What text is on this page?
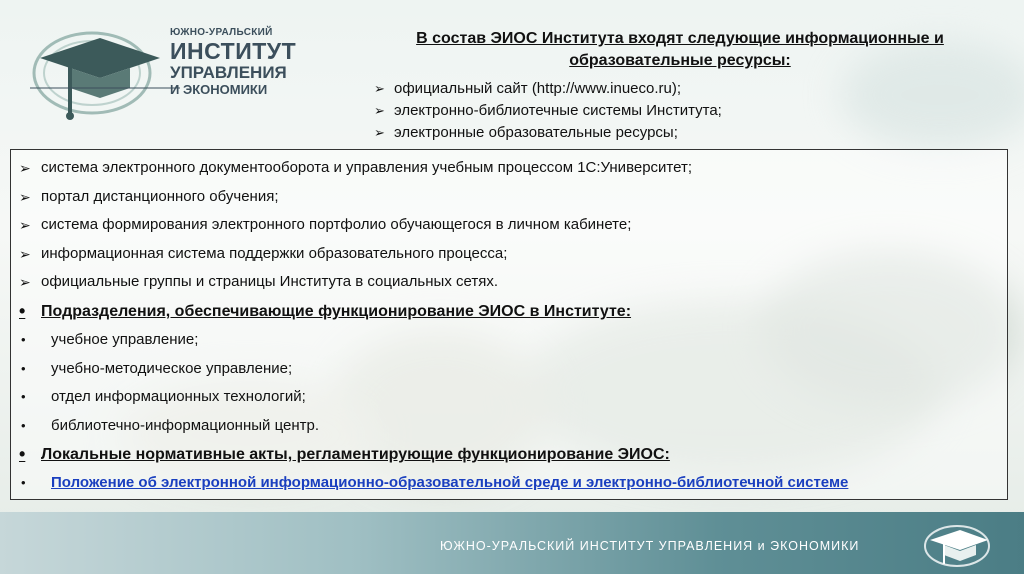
ЮЖНО-УРАЛЬСКИЙ
ИНСТИТУТ
УПРАВЛЕНИЯ
И ЭКОНОМИКИ
В состав ЭИОС Института входят следующие информационные и образовательные ресурсы:
➢ официальный сайт (http://www.inueco.ru);
➢ электронно-библиотечные системы Института;
➢ электронные образовательные ресурсы;
➢ система электронного документооборота и управления учебным процессом 1С:Университет;
➢ портал дистанционного обучения;
➢ система формирования электронного портфолио обучающегося в личном кабинете;
➢ информационная система поддержки образовательного процесса;
➢ официальные группы и страницы Института в социальных сетях.
• Подразделения, обеспечивающие функционирование ЭИОС в Институте:
•	учебное управление;
•	учебно-методическое управление;
•	отдел информационных технологий;
•	библиотечно-информационный центр.
• Локальные нормативные акты, регламентирующие функционирование ЭИОС:
•	Положение об электронной информационно-образовательной среде и электронно-библиотечной системе
ЮЖНО-УРАЛЬСКИЙ ИНСТИТУТ УПРАВЛЕНИЯ и ЭКОНОМИКИ
